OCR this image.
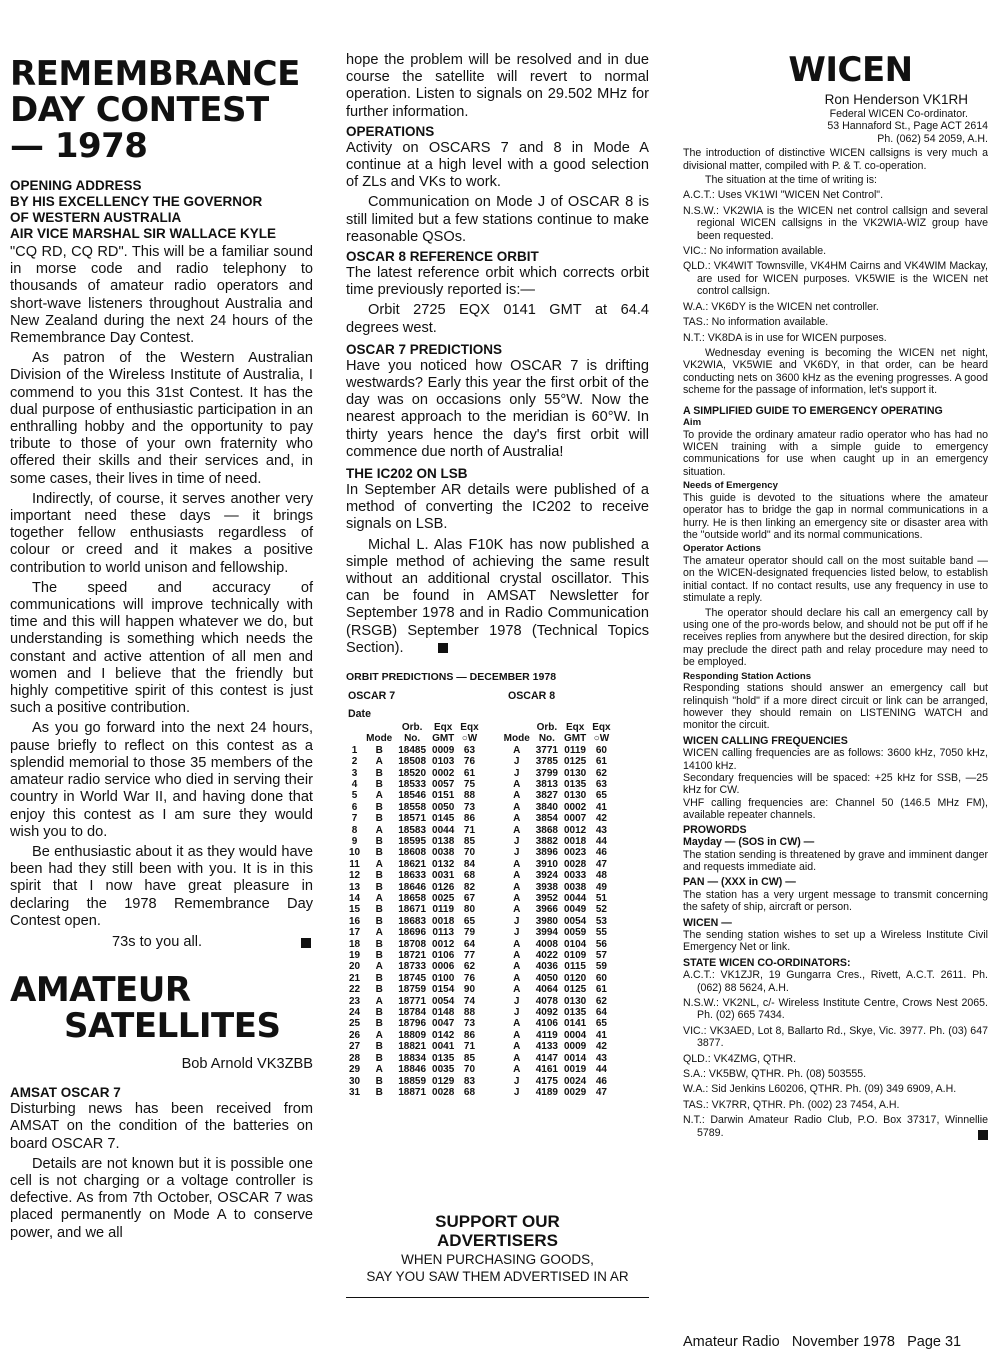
REMEMBRANCE
DAY CONTEST
— 1978
OPENING ADDRESS
BY HIS EXCELLENCY THE GOVERNOR
OF WESTERN AUSTRALIA
AIR VICE MARSHAL SIR WALLACE KYLE

"CQ RD, CQ RD". This will be a familiar sound in morse code and radio telephony to thousands of amateur radio operators and short-wave listeners throughout Australia and New Zealand during the next 24 hours of the Remembrance Day Contest.

As patron of the Western Australian Division of the Wireless Institute of Australia, I commend to you this 31st Contest. It has the dual purpose of enthusiastic participation in an enthralling hobby and the opportunity to pay tribute to those of your own fraternity who offered their skills and their services and, in some cases, their lives in time of need.

Indirectly, of course, it serves another very important need these days — it brings together fellow enthusiasts regardless of colour or creed and it makes a positive contribution to world unison and fellowship.

The speed and accuracy of communications will improve technically with time and this will happen whatever we do, but understanding is something which needs the constant and active attention of all men and women and I believe that the friendly but highly competitive spirit of this contest is just such a positive contribution.

As you go forward into the next 24 hours, pause briefly to reflect on this contest as a splendid memorial to those 35 members of the amateur radio service who died in serving their country in World War II, and having done that enjoy this contest as I am sure they would wish you to do.

Be enthusiastic about it as they would have been had they still been with you. It is in this spirit that I now have great pleasure in declaring the 1978 Remembrance Day Contest open.

73s to you all.
AMATEUR
SATELLITES
Bob Arnold VK3ZBB
AMSAT OSCAR 7

Disturbing news has been received from AMSAT on the condition of the batteries on board OSCAR 7.

Details are not known but it is possible one cell is not charging or a voltage controller is defective. As from 7th October, OSCAR 7 was placed permanently on Mode A to conserve power, and we all

hope the problem will be resolved and in due course the satellite will revert to normal operation. Listen to signals on 29.502 MHz for further information.

OPERATIONS

Activity on OSCARS 7 and 8 in Mode A continue at a high level with a good selection of ZLs and VKs to work.

Communication on Mode J of OSCAR 8 is still limited but a few stations continue to make reasonable QSOs.

OSCAR 8 REFERENCE ORBIT

The latest reference orbit which corrects orbit time previously reported is:—

Orbit 2725 EQX 0141 GMT at 64.4 degrees west.

OSCAR 7 PREDICTIONS

Have you noticed how OSCAR 7 is drifting westwards? Early this year the first orbit of the day was on occasions only 55°W. Now the nearest approach to the meridian is 60°W. In thirty years hence the day's first orbit will commence due north of Australia!

THE IC202 ON LSB

In September AR details were published of a method of converting the IC202 to receive signals on LSB.

Michal L. Alas F10K has now published a simple method of achieving the same result without an additional crystal oscillator. This can be found in AMSAT Newsletter for September 1978 and in Radio Communication (RSGB) September 1978 (Technical Topics Section).

ORBIT PREDICTIONS — DECEMBER 1978
OSCAR 7	OSCAR 8
Date
		Orb.	Eqx	Eqx		Orb.	Eqx	Eqx
	Mode	No.	GMT	○W	Mode	No.	GMT	○W
1	B	18485	0009	63	A	3771	0119	60
2	A	18508	0103	76	J	3785	0125	61
3	B	18520	0002	61	J	3799	0130	62
4	B	18533	0057	75	A	3813	0135	63
5	A	18546	0151	88	A	3827	0130	65
6	B	18558	0050	73	A	3840	0002	41
7	B	18571	0145	86	A	3854	0007	42
8	A	18583	0044	71	A	3868	0012	43
9	B	18595	0138	85	J	3882	0018	44
10	B	18608	0038	70	J	3896	0023	46
11	A	18621	0132	84	A	3910	0028	47
12	B	18633	0031	68	A	3924	0033	48
13	B	18646	0126	82	A	3938	0038	49
14	A	18658	0025	67	A	3952	0044	51
15	B	18671	0119	80	A	3966	0049	52
16	B	18683	0018	65	J	3980	0054	53
17	A	18696	0113	79	J	3994	0059	55
18	B	18708	0012	64	A	4008	0104	56
19	B	18721	0106	77	A	4022	0109	57
20	A	18733	0006	62	A	4036	0115	59
21	B	18745	0100	76	A	4050	0120	60
22	B	18759	0154	90	A	4064	0125	61
23	A	18771	0054	74	J	4078	0130	62
24	B	18784	0148	88	J	4092	0135	64
25	B	18796	0047	73	A	4106	0141	65
26	A	18809	0142	86	A	4119	0004	41
27	B	18821	0041	71	A	4133	0009	42
28	B	18834	0135	85	A	4147	0014	43
29	A	18846	0035	70	A	4161	0019	44
30	B	18859	0129	83	J	4175	0024	46
31	B	18871	0028	68	J	4189	0029	47
SUPPORT OUR
ADVERTISERS
WHEN PURCHASING GOODS,
SAY YOU SAW THEM ADVERTISED IN AR
WICEN
Ron Henderson VK1RH
Federal WICEN Co-ordinator.
53 Hannaford St., Page ACT 2614
Ph. (062) 54 2059, A.H.

The introduction of distinctive WICEN callsigns is very much a divisional matter, compiled with P. & T. co-operation.

The situation at the time of writing is:

A.C.T.: Uses VK1WI "WICEN Net Control".

N.S.W.: VK2WIA is the WICEN net control callsign and several regional WICEN callsigns in the VK2WIA-WIZ group have been requested.

VIC.: No information available.

QLD.: VK4WIT Townsville, VK4HM Cairns and VK4WIM Mackay, are used for WICEN purposes. VK5WIE is the WICEN net control callsign.

W.A.: VK6DY is the WICEN net controller.

TAS.: No information available.

N.T.: VK8DA is in use for WICEN purposes.

Wednesday evening is becoming the WICEN net night, VK2WIA, VK5WIE and VK6DY, in that order, can be heard conducting nets on 3600 kHz as the evening progresses. A good scheme for the passage of information, let's support it.

A SIMPLIFIED GUIDE TO EMERGENCY OPERATING
Aim

To provide the ordinary amateur radio operator who has had no WICEN training with a simple guide to emergency communications for use when caught up in an emergency situation.

Needs of Emergency

This guide is devoted to the situations where the amateur operator has to bridge the gap in normal communications in a hurry. He is then linking an emergency site or disaster area with the "outside world" and its normal communications.

Operator Actions

The amateur operator should call on the most suitable band — on the WICEN-designated frequencies listed below, to establish initial contact. If no contact results, use any frequency in use to stimulate a reply.

The operator should declare his call an emergency call by using one of the pro-words below, and should not be put off if he receives replies from anywhere but the desired direction, for skip may preclude the direct path and relay procedure may need to be employed.

Responding Station Actions

Responding stations should answer an emergency call but relinquish "hold" if a more direct circuit or link can be arranged, however they should remain on LISTENING WATCH and monitor the circuit.

WICEN CALLING FREQUENCIES

WICEN calling frequencies are as follows: 3600 kHz, 7050 kHz, 14100 kHz.

Secondary frequencies will be spaced: +25 kHz for SSB, —25 kHz for CW.

VHF calling frequencies are: Channel 50 (146.5 MHz FM), available repeater channels.

PROWORDS
Mayday — (SOS in CW) —

The station sending is threatened by grave and imminent danger and requests immediate aid.

PAN — (XXX in CW) —

The station has a very urgent message to transmit concerning the safety of ship, aircraft or person.

WICEN —

The sending station wishes to set up a Wireless Institute Civil Emergency Net or link.

STATE WICEN CO-ORDINATORS:

A.C.T.: VK1ZJR, 19 Gungarra Cres., Rivett, A.C.T. 2611. Ph. (062) 88 5624, A.H.

N.S.W.: VK2NL, c/- Wireless Institute Centre, Crows Nest 2065. Ph. (02) 665 7434.

VIC.: VK3AED, Lot 8, Ballarto Rd., Skye, Vic. 3977. Ph. (03) 647 3877.

QLD.: VK4ZMG, QTHR.

S.A.: VK5BW, QTHR. Ph. (08) 503555.

W.A.: Sid Jenkins L60206, QTHR. Ph. (09) 349 6909, A.H.

TAS.: VK7RR, QTHR. Ph. (002) 23 7454, A.H.

N.T.: Darwin Amateur Radio Club, P.O. Box 37317, Winnellie 5789.

Amateur Radio November 1978 Page 31
